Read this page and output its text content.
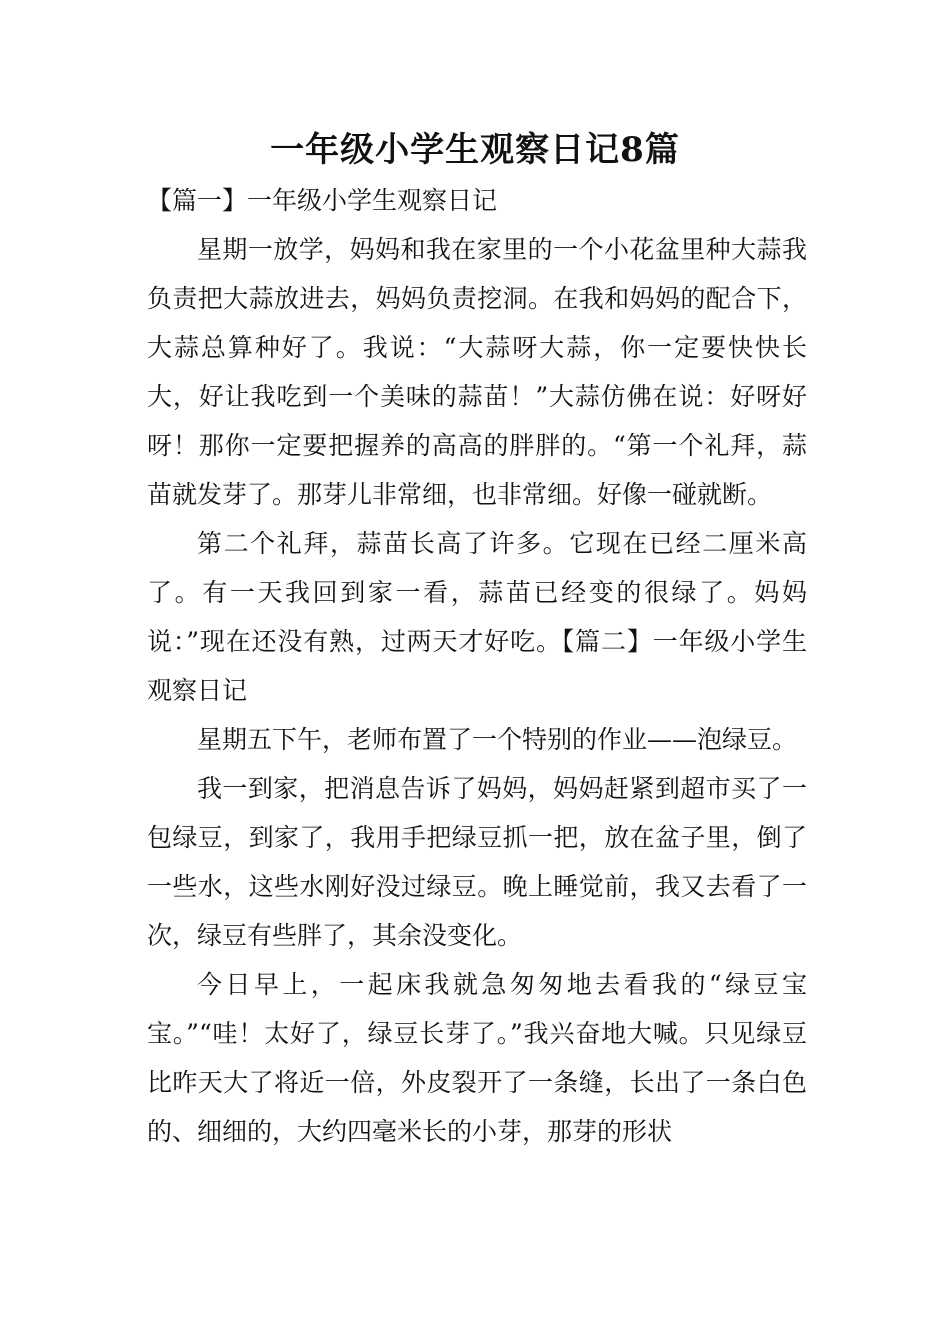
一年级小学生观察日记8篇

【篇一】一年级小学生观察日记

星期一放学，妈妈和我在家里的一个小花盆里种大蒜我负责把大蒜放进去，妈妈负责挖洞。在我和妈妈的配合下，大蒜总算种好了。我说：“大蒜呀大蒜，你一定要快快长大，好让我吃到一个美味的蒜苗！”大蒜仿佛在说：好呀好呀！那你一定要把握养的高高的胖胖的。“第一个礼拜，蒜苗就发芽了。那芽儿非常细，也非常细。好像一碰就断。

第二个礼拜，蒜苗长高了许多。它现在已经二厘米高了。有一天我回到家一看，蒜苗已经变的很绿了。妈妈说：”现在还没有熟，过两天才好吃。【篇二】一年级小学生观察日记

星期五下午，老师布置了一个特别的作业——泡绿豆。

我一到家，把消息告诉了妈妈，妈妈赶紧到超市买了一包绿豆，到家了，我用手把绿豆抓一把，放在盆子里，倒了一些水，这些水刚好没过绿豆。晚上睡觉前，我又去看了一次，绿豆有些胖了，其余没变化。

今日早上，一起床我就急匆匆地去看我的“绿豆宝宝。”“哇！太好了，绿豆长芽了。”我兴奋地大喊。只见绿豆比昨天大了将近一倍，外皮裂开了一条缝，长出了一条白色的、细细的，大约四毫米长的小芽，那芽的形状
